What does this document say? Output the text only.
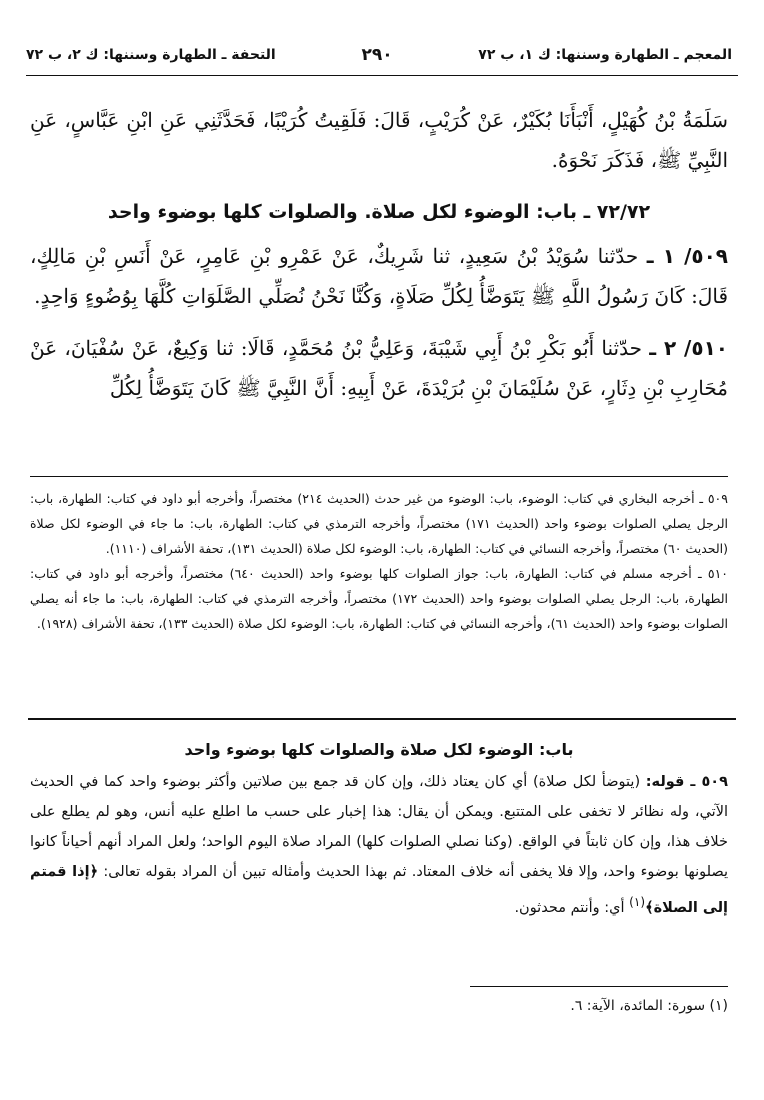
المعجم ـ الطهارة وسننها: ك ١، ب ٧٢
٢٩٠
التحفة ـ الطهارة وسننها: ك ٢، ب ٧٢

سَلَمَةُ بْنُ كُهَيْلٍ، أَنْبَأَنَا بُكَيْرٌ، عَنْ كُرَيْبٍ، قَالَ: فَلَقِيتُ كُرَيْبًا، فَحَدَّثَنِي عَنِ ابْنِ عَبَّاسٍ، عَنِ النَّبِيِّ ﷺ، فَذَكَرَ نَحْوَهُ.

٧٢/٧٢ ـ باب: الوضوء لكل صلاة. والصلوات كلها بوضوء واحد

٥٠٩/ ١ ـ حدّثنا سُوَيْدُ بْنُ سَعِيدٍ، ثنا شَرِيكٌ، عَنْ عَمْرِو بْنِ عَامِرٍ، عَنْ أَنَسِ بْنِ مَالِكٍ، قَالَ: كَانَ رَسُولُ اللَّهِ ﷺ يَتَوَضَّأُ لِكُلِّ صَلَاةٍ، وَكُنَّا نَحْنُ نُصَلِّي الصَّلَوَاتِ كُلَّهَا بِوُضُوءٍ وَاحِدٍ.

٥١٠/ ٢ ـ حدّثنا أَبُو بَكْرِ بْنُ أَبِي شَيْبَةَ، وَعَلِيُّ بْنُ مُحَمَّدٍ، قَالَا: ثنا وَكِيعٌ، عَنْ سُفْيَانَ، عَنْ مُحَارِبِ بْنِ دِثَارٍ، عَنْ سُلَيْمَانَ بْنِ بُرَيْدَةَ، عَنْ أَبِيهِ: أَنَّ النَّبِيَّ ﷺ كَانَ يَتَوَضَّأُ لِكُلِّ

٥٠٩ ـ أخرجه البخاري في كتاب: الوضوء، باب: الوضوء من غير حدث (الحديث ٢١٤) مختصراً، وأخرجه أبو داود في كتاب: الطهارة، باب: الرجل يصلي الصلوات بوضوء واحد (الحديث ١٧١) مختصراً، وأخرجه الترمذي في كتاب: الطهارة، باب: ما جاء في الوضوء لكل صلاة (الحديث ٦٠) مختصراً، وأخرجه النسائي في كتاب: الطهارة، باب: الوضوء لكل صلاة (الحديث ١٣١)، تحفة الأشراف (١١١٠).

٥١٠ ـ أخرجه مسلم في كتاب: الطهارة، باب: جواز الصلوات كلها بوضوء واحد (الحديث ٦٤٠) مختصراً، وأخرجه أبو داود في كتاب: الطهارة، باب: الرجل يصلي الصلوات بوضوء واحد (الحديث ١٧٢) مختصراً، وأخرجه الترمذي في كتاب: الطهارة، باب: ما جاء أنه يصلي الصلوات بوضوء واحد (الحديث ٦١)، وأخرجه النسائي في كتاب: الطهارة، باب: الوضوء لكل صلاة (الحديث ١٣٣)، تحفة الأشراف (١٩٢٨).

باب: الوضوء لكل صلاة والصلوات كلها بوضوء واحد

٥٠٩ ـ قوله: (يتوضأ لكل صلاة) أي كان يعتاد ذلك، وإن كان قد جمع بين صلاتين وأكثر بوضوء واحد كما في الحديث الآتي، وله نظائر لا تخفى على المتتبع. ويمكن أن يقال: هذا إخبار على حسب ما اطلع عليه أنس، وهو لم يطلع على خلاف هذا، وإن كان ثابتاً في الواقع. (وكنا نصلي الصلوات كلها) المراد صلاة اليوم الواحد؛ ولعل المراد أنهم أحياناً كانوا يصلونها بوضوء واحد، وإلا فلا يخفى أنه خلاف المعتاد. ثم بهذا الحديث وأمثاله تبين أن المراد بقوله تعالى: ﴿إذا قمتم إلى الصلاة﴾$^{(١)}$ أي: وأنتم محدثون.

(١) سورة: المائدة، الآية: ٦.
